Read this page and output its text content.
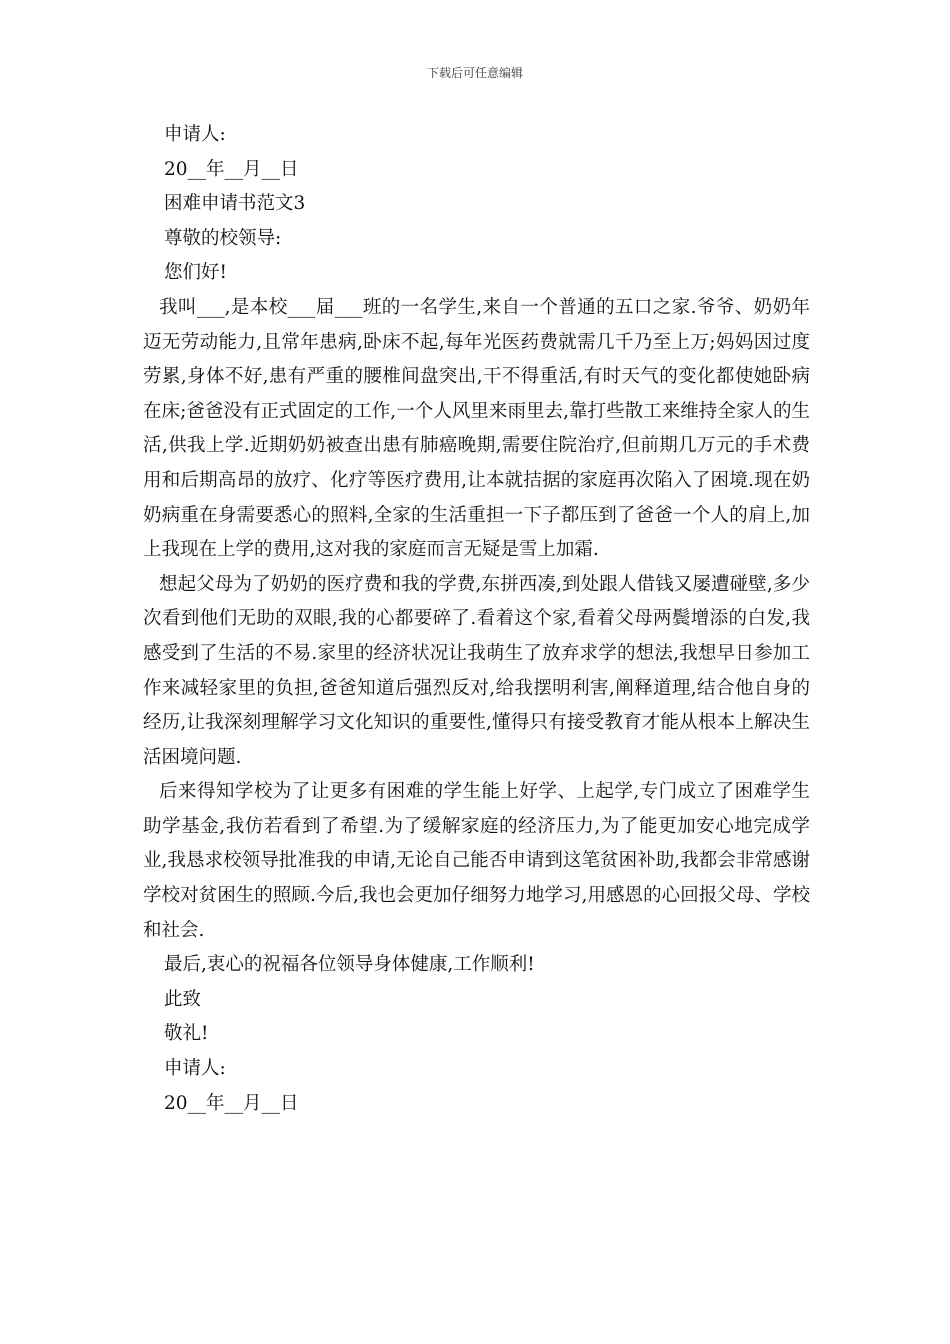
下载后可任意编辑

申请人:

20__年__月__日

困难申请书范文3

尊敬的校领导:

您们好!

我叫___,是本校___届___班的一名学生,来自一个普通的五口之家.爷爷、奶奶年迈无劳动能力,且常年患病,卧床不起,每年光医药费就需几千乃至上万;妈妈因过度劳累,身体不好,患有严重的腰椎间盘突出,干不得重活,有时天气的变化都使她卧病在床;爸爸没有正式固定的工作,一个人风里来雨里去,靠打些散工来维持全家人的生活,供我上学.近期奶奶被查出患有肺癌晚期,需要住院治疗,但前期几万元的手术费用和后期高昂的放疗、化疗等医疗费用,让本就拮据的家庭再次陷入了困境.现在奶奶病重在身需要悉心的照料,全家的生活重担一下子都压到了爸爸一个人的肩上,加上我现在上学的费用,这对我的家庭而言无疑是雪上加霜.

想起父母为了奶奶的医疗费和我的学费,东拼西凑,到处跟人借钱又屡遭碰壁,多少次看到他们无助的双眼,我的心都要碎了.看着这个家,看着父母两鬓增添的白发,我感受到了生活的不易.家里的经济状况让我萌生了放弃求学的想法,我想早日参加工作来减轻家里的负担,爸爸知道后强烈反对,给我摆明利害,阐释道理,结合他自身的经历,让我深刻理解学习文化知识的重要性,懂得只有接受教育才能从根本上解决生活困境问题.

后来得知学校为了让更多有困难的学生能上好学、上起学,专门成立了困难学生助学基金,我仿若看到了希望.为了缓解家庭的经济压力,为了能更加安心地完成学业,我恳求校领导批准我的申请,无论自己能否申请到这笔贫困补助,我都会非常感谢学校对贫困生的照顾.今后,我也会更加仔细努力地学习,用感恩的心回报父母、学校和社会.

最后,衷心的祝福各位领导身体健康,工作顺利!

此致

敬礼!

申请人:

20__年__月__日
